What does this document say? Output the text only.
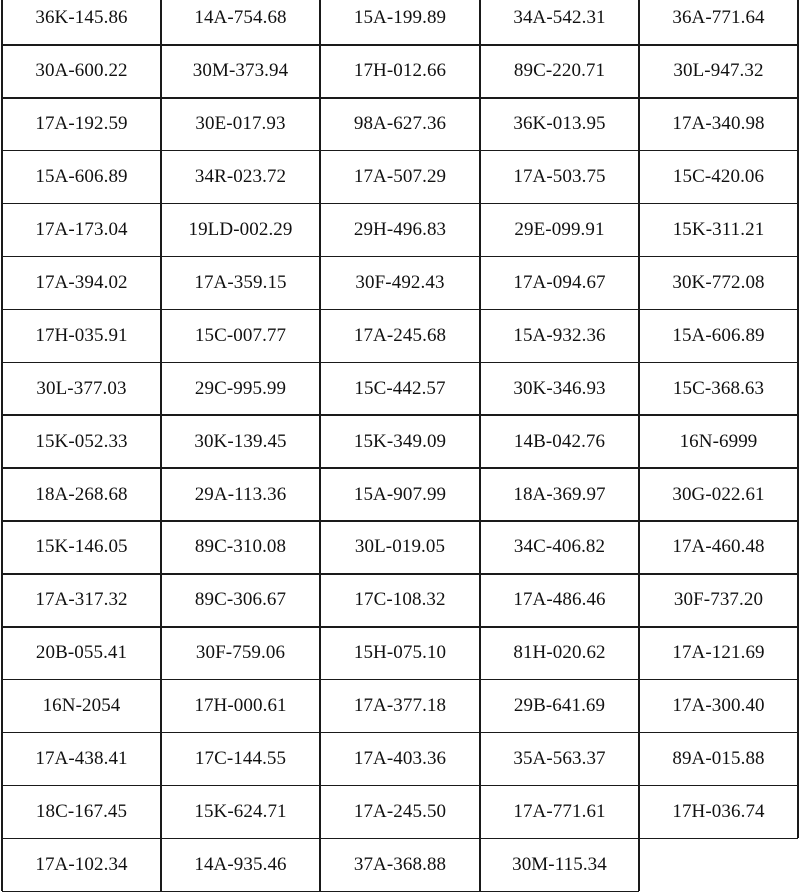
36K-145.86	14A-754.68	15A-199.89	34A-542.31	36A-771.64
30A-600.22	30M-373.94	17H-012.66	89C-220.71	30L-947.32
17A-192.59	30E-017.93	98A-627.36	36K-013.95	17A-340.98
15A-606.89	34R-023.72	17A-507.29	17A-503.75	15C-420.06
17A-173.04	19LD-002.29	29H-496.83	29E-099.91	15K-311.21
17A-394.02	17A-359.15	30F-492.43	17A-094.67	30K-772.08
17H-035.91	15C-007.77	17A-245.68	15A-932.36	15A-606.89
30L-377.03	29C-995.99	15C-442.57	30K-346.93	15C-368.63
15K-052.33	30K-139.45	15K-349.09	14B-042.76	16N-6999
18A-268.68	29A-113.36	15A-907.99	18A-369.97	30G-022.61
15K-146.05	89C-310.08	30L-019.05	34C-406.82	17A-460.48
17A-317.32	89C-306.67	17C-108.32	17A-486.46	30F-737.20
20B-055.41	30F-759.06	15H-075.10	81H-020.62	17A-121.69
16N-2054	17H-000.61	17A-377.18	29B-641.69	17A-300.40
17A-438.41	17C-144.55	17A-403.36	35A-563.37	89A-015.88
18C-167.45	15K-624.71	17A-245.50	17A-771.61	17H-036.74
17A-102.34	14A-935.46	37A-368.88	30M-115.34
